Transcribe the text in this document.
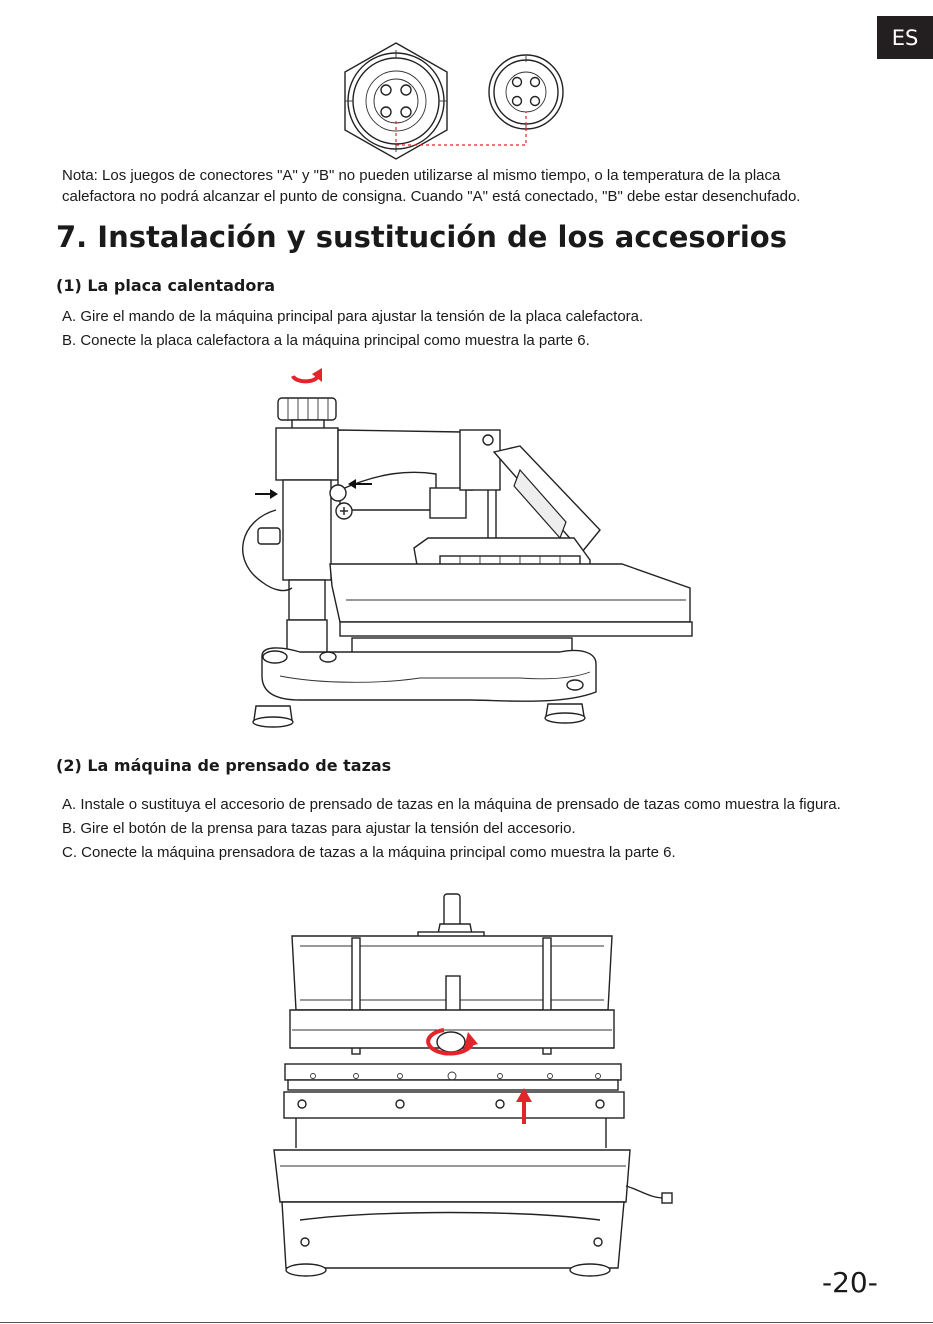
ES
Nota: Los juegos de conectores "A" y "B" no pueden utilizarse al mismo tiempo, o la temperatura de la placa
calefactora no podrá alcanzar el punto de consigna. Cuando "A" está conectado, "B" debe estar desenchufado.
7. Instalación y sustitución de los accesorios
(1) La placa calentadora
A. Gire el mando de la máquina principal para ajustar la tensión de la placa calefactora.
B. Conecte la placa calefactora a la máquina principal como muestra la parte 6.
(2) La máquina de prensado de tazas
A. Instale o sustituya el accesorio de prensado de tazas en la máquina de prensado de tazas como muestra la figura.
B. Gire el botón de la prensa para tazas para ajustar la tensión del accesorio.
C. Conecte la máquina prensadora de tazas a la máquina principal como muestra la parte 6.
-20-
